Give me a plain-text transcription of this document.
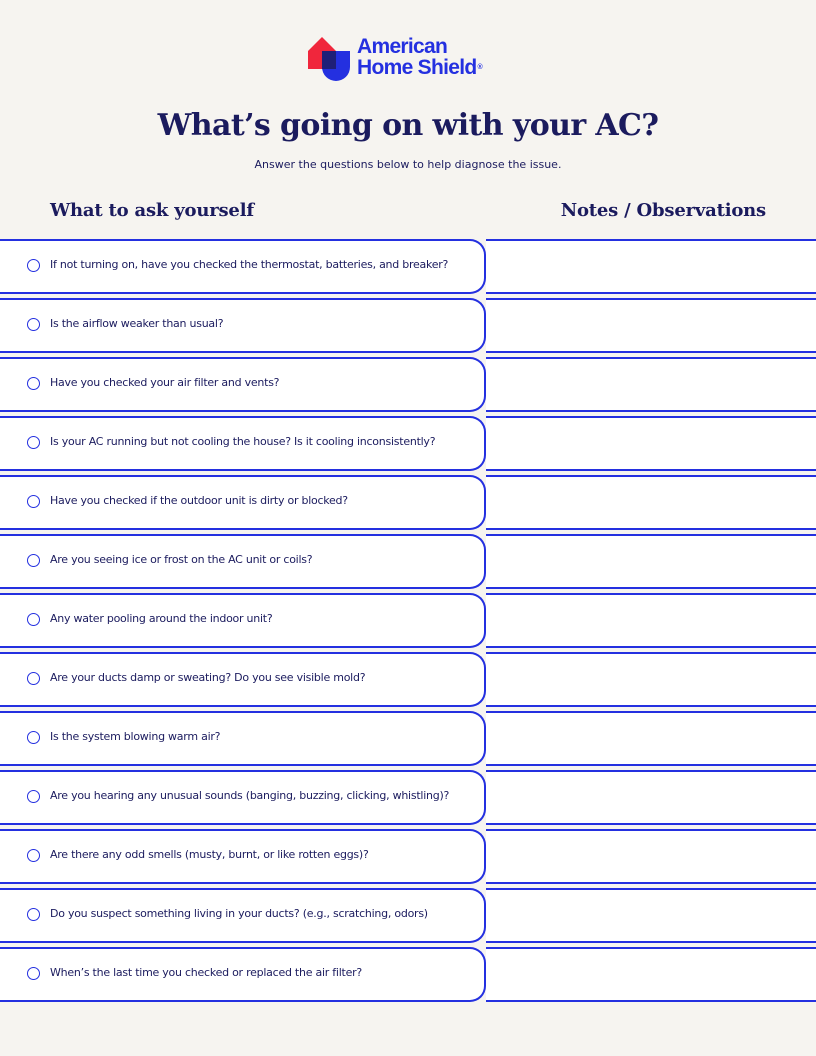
American
Home Shield®
What’s going on with your AC?

Answer the questions below to help diagnose the issue.

What to ask yourself	Notes / Observations
If not turning on, have you checked the thermostat, batteries, and breaker?
Is the airflow weaker than usual?
Have you checked your air filter and vents?
Is your AC running but not cooling the house? Is it cooling inconsistently?
Have you checked if the outdoor unit is dirty or blocked?
Are you seeing ice or frost on the AC unit or coils?
Any water pooling around the indoor unit?
Are your ducts damp or sweating? Do you see visible mold?
Is the system blowing warm air?
Are you hearing any unusual sounds (banging, buzzing, clicking, whistling)?
Are there any odd smells (musty, burnt, or like rotten eggs)?
Do you suspect something living in your ducts? (e.g., scratching, odors)
When’s the last time you checked or replaced the air filter?
